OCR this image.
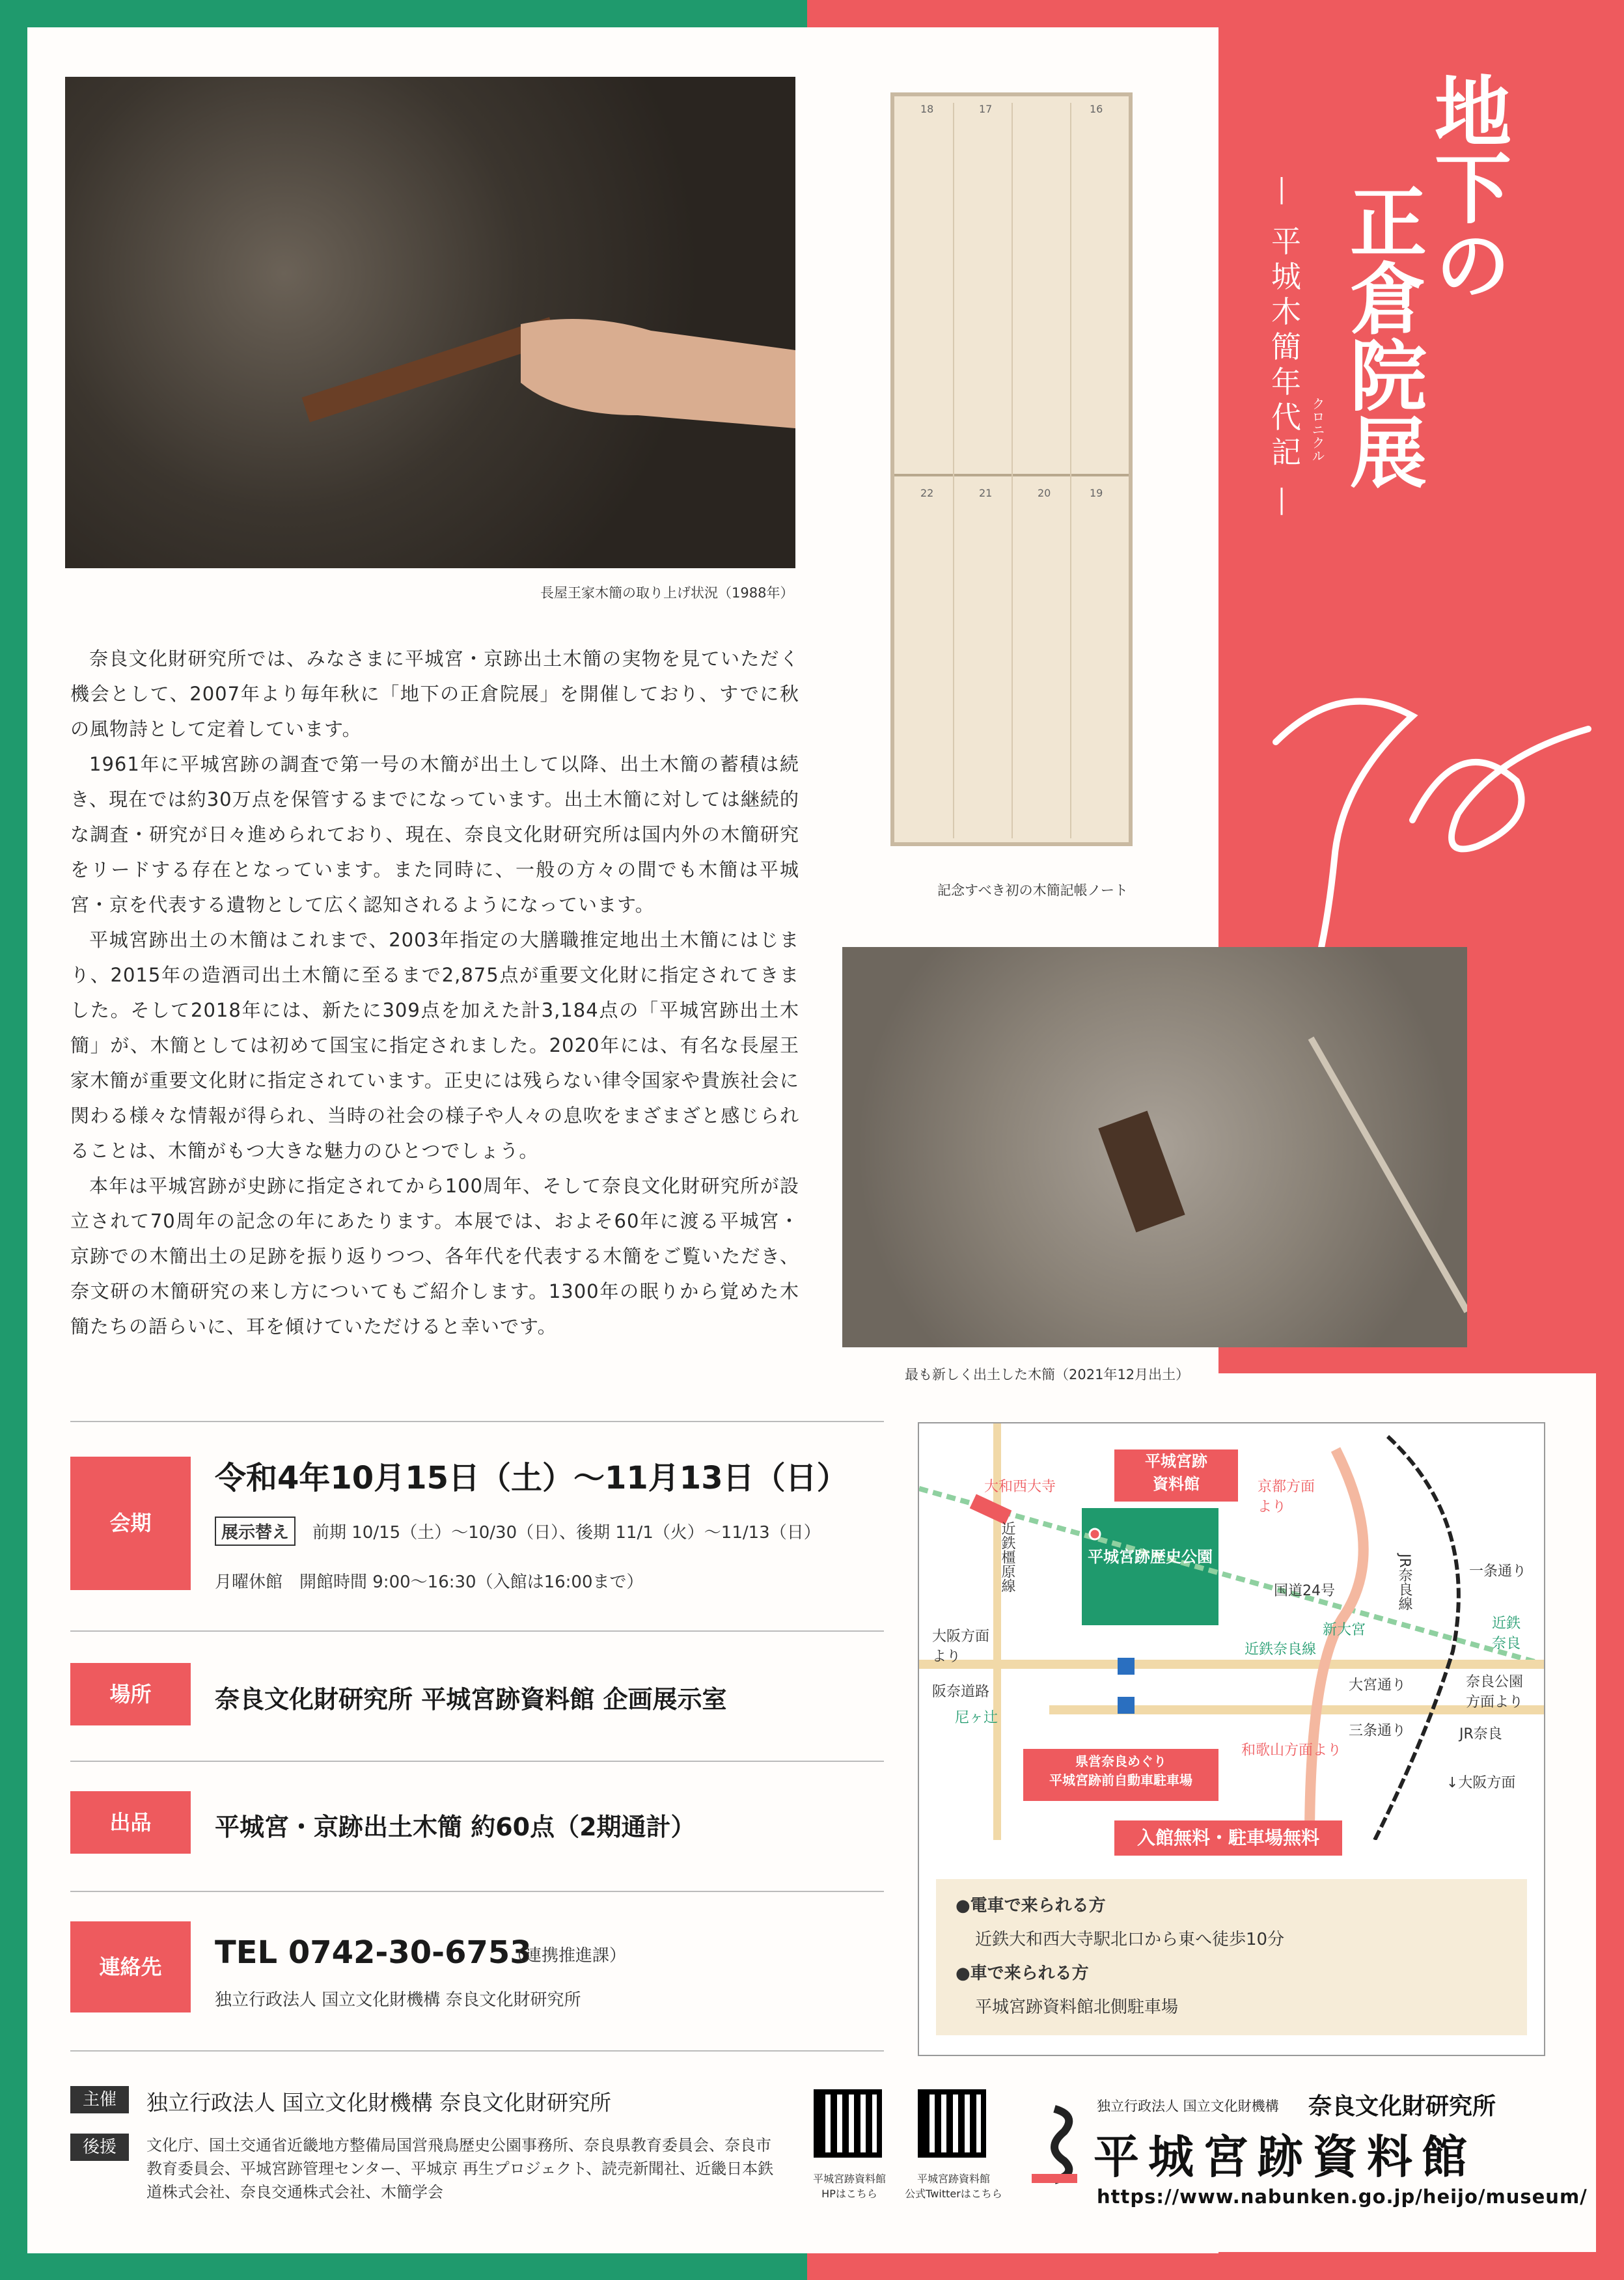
地下の
正倉院展
— 平城木簡年代記 — クロニクル
長屋王家木簡の取り上げ状況（1988年）
18	17	16
22	21	20	19
記念すべき初の木簡記帳ノート
最も新しく出土した木簡（2021年12月出土）

奈良文化財研究所では、みなさまに平城宮・京跡出土木簡の実物を見ていただく機会として、2007年より毎年秋に「地下の正倉院展」を開催しており、すでに秋の風物詩として定着しています。

1961年に平城宮跡の調査で第一号の木簡が出土して以降、出土木簡の蓄積は続き、現在では約30万点を保管するまでになっています。出土木簡に対しては継続的な調査・研究が日々進められており、現在、奈良文化財研究所は国内外の木簡研究をリードする存在となっています。また同時に、一般の方々の間でも木簡は平城宮・京を代表する遺物として広く認知されるようになっています。

平城宮跡出土の木簡はこれまで、2003年指定の大膳職推定地出土木簡にはじまり、2015年の造酒司出土木簡に至るまで2,875点が重要文化財に指定されてきました。そして2018年には、新たに309点を加えた計3,184点の「平城宮跡出土木簡」が、木簡としては初めて国宝に指定されました。2020年には、有名な長屋王家木簡が重要文化財に指定されています。正史には残らない律令国家や貴族社会に関わる様々な情報が得られ、当時の社会の様子や人々の息吹をまざまざと感じられることは、木簡がもつ大きな魅力のひとつでしょう。

本年は平城宮跡が史跡に指定されてから100周年、そして奈良文化財研究所が設立されて70周年の記念の年にあたります。本展では、およそ60年に渡る平城宮・京跡での木簡出土の足跡を振り返りつつ、各年代を代表する木簡をご覧いただき、奈文研の木簡研究の来し方についてもご紹介します。1300年の眠りから覚めた木簡たちの語らいに、耳を傾けていただけると幸いです。

会期
令和4年10月15日（土）～11月13日（日）
展示替え	前期 10/15（土）～10/30（日）、後期 11/1（火）～11/13（日）
月曜休館　開館時間 9:00～16:30（入館は16:00まで）
場所	奈良文化財研究所 平城宮跡資料館 企画展示室
出品	平城宮・京跡出土木簡 約60点（2期通計）
連絡先	TEL 0742-30-6753
（連携推進課）
独立行政法人 国立文化財機構 奈良文化財研究所
平城宮跡
資料館
平城宮跡歴史公園
大和西大寺	京都方面
より
一条通り
JR奈良線
国道24号
新大宮	近鉄
奈良
近鉄奈良線
近鉄橿原線
大阪方面
より
阪奈道路	大宮通り	奈良公園
方面より
尼ヶ辻
県営奈良めぐり
平城宮跡前自動車駐車場
三条通り	JR奈良
和歌山方面より
↓大阪方面
入館無料・駐車場無料
●電車で来られる方
近鉄大和西大寺駅北口から東へ徒歩10分
●車で来られる方
平城宮跡資料館北側駐車場
主催	独立行政法人 国立文化財機構 奈良文化財研究所
後援	文化庁、国土交通省近畿地方整備局国営飛鳥歴史公園事務所、奈良県教育委員会、奈良市教育委員会、平城宮跡管理センター、平城京 再生プロジェクト、読売新聞社、近畿日本鉄道株式会社、奈良交通株式会社、木簡学会
平城宮跡資料館
HPはこちら
平城宮跡資料館
公式Twitterはこちら
独立行政法人 国立文化財機構 奈良文化財研究所
平城宮跡資料館
https://www.nabunken.go.jp/heijo/museum/
